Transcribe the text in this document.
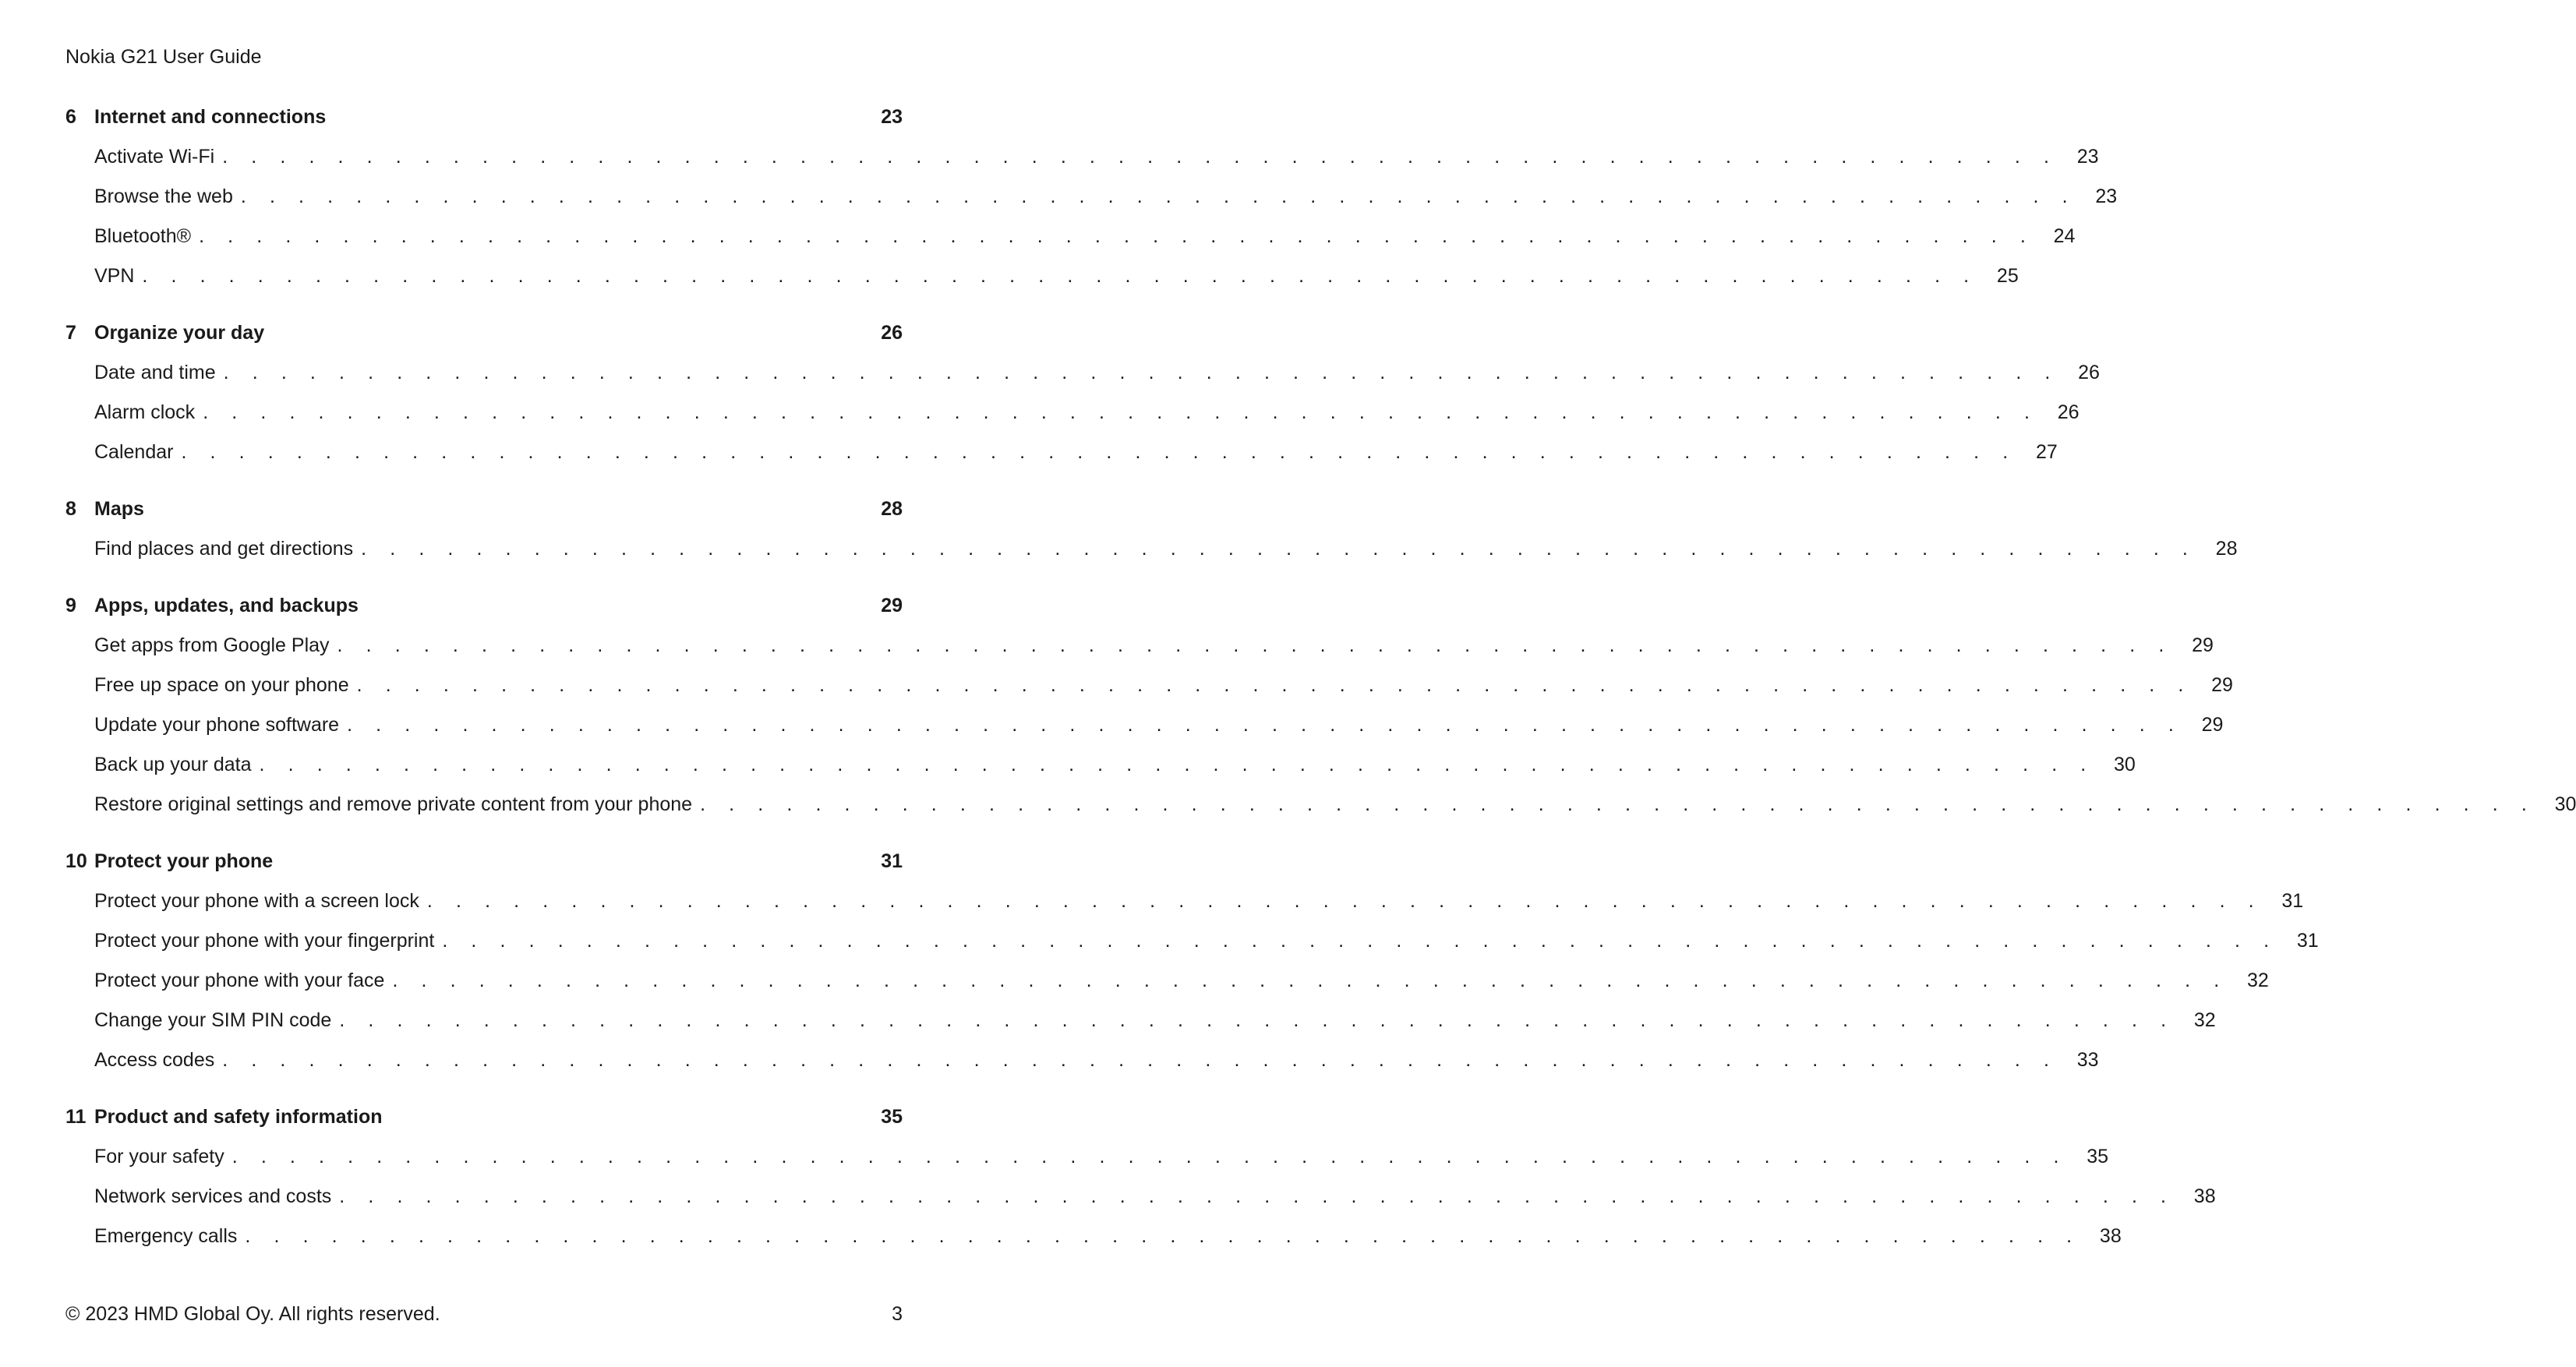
Nokia G21 User Guide
6 Internet and connections	23
Activate Wi-Fi . . . . . . . . . . . . . . . . . . . . . . . . . . . . . . . . . . . . . . . . . . . . . . . . . . . . . . . . . . . . . . . . 23
Browse the web . . . . . . . . . . . . . . . . . . . . . . . . . . . . . . . . . . . . . . . . . . . . . . . . . . . . . . . . . . . . . . . . 23
Bluetooth® . . . . . . . . . . . . . . . . . . . . . . . . . . . . . . . . . . . . . . . . . . . . . . . . . . . . . . . . . . . . . . . . 24
VPN . . . . . . . . . . . . . . . . . . . . . . . . . . . . . . . . . . . . . . . . . . . . . . . . . . . . . . . . . . . . . . . . 25
7 Organize your day	26
Date and time . . . . . . . . . . . . . . . . . . . . . . . . . . . . . . . . . . . . . . . . . . . . . . . . . . . . . . . . . . . . . . . . 26
Alarm clock . . . . . . . . . . . . . . . . . . . . . . . . . . . . . . . . . . . . . . . . . . . . . . . . . . . . . . . . . . . . . . . . 26
Calendar . . . . . . . . . . . . . . . . . . . . . . . . . . . . . . . . . . . . . . . . . . . . . . . . . . . . . . . . . . . . . . . . 27
8 Maps	28
Find places and get directions . . . . . . . . . . . . . . . . . . . . . . . . . . . . . . . . . . . . . . . . . . . . . . . . . . . . . . . . . . . . . . . . 28
9 Apps, updates, and backups	29
Get apps from Google Play . . . . . . . . . . . . . . . . . . . . . . . . . . . . . . . . . . . . . . . . . . . . . . . . . . . . . . . . . . . . . . . . 29
Free up space on your phone . . . . . . . . . . . . . . . . . . . . . . . . . . . . . . . . . . . . . . . . . . . . . . . . . . . . . . . . . . . . . . . . 29
Update your phone software . . . . . . . . . . . . . . . . . . . . . . . . . . . . . . . . . . . . . . . . . . . . . . . . . . . . . . . . . . . . . . . . 29
Back up your data . . . . . . . . . . . . . . . . . . . . . . . . . . . . . . . . . . . . . . . . . . . . . . . . . . . . . . . . . . . . . . . . 30
Restore original settings and remove private content from your phone . . . . . . . . . . . . . . . . . . . . . . . . . . . . . . . . . . . . . . . . . . . . . . . . . . . . . . . . . . . . . . . . 30
10 Protect your phone	31
Protect your phone with a screen lock . . . . . . . . . . . . . . . . . . . . . . . . . . . . . . . . . . . . . . . . . . . . . . . . . . . . . . . . . . . . . . . . 31
Protect your phone with your fingerprint . . . . . . . . . . . . . . . . . . . . . . . . . . . . . . . . . . . . . . . . . . . . . . . . . . . . . . . . . . . . . . . . 31
Protect your phone with your face . . . . . . . . . . . . . . . . . . . . . . . . . . . . . . . . . . . . . . . . . . . . . . . . . . . . . . . . . . . . . . . . 32
Change your SIM PIN code . . . . . . . . . . . . . . . . . . . . . . . . . . . . . . . . . . . . . . . . . . . . . . . . . . . . . . . . . . . . . . . . 32
Access codes . . . . . . . . . . . . . . . . . . . . . . . . . . . . . . . . . . . . . . . . . . . . . . . . . . . . . . . . . . . . . . . . 33
11 Product and safety information	35
For your safety . . . . . . . . . . . . . . . . . . . . . . . . . . . . . . . . . . . . . . . . . . . . . . . . . . . . . . . . . . . . . . . . 35
Network services and costs . . . . . . . . . . . . . . . . . . . . . . . . . . . . . . . . . . . . . . . . . . . . . . . . . . . . . . . . . . . . . . . . 38
Emergency calls . . . . . . . . . . . . . . . . . . . . . . . . . . . . . . . . . . . . . . . . . . . . . . . . . . . . . . . . . . . . . . . . 38
© 2023 HMD Global Oy. All rights reserved.	3
